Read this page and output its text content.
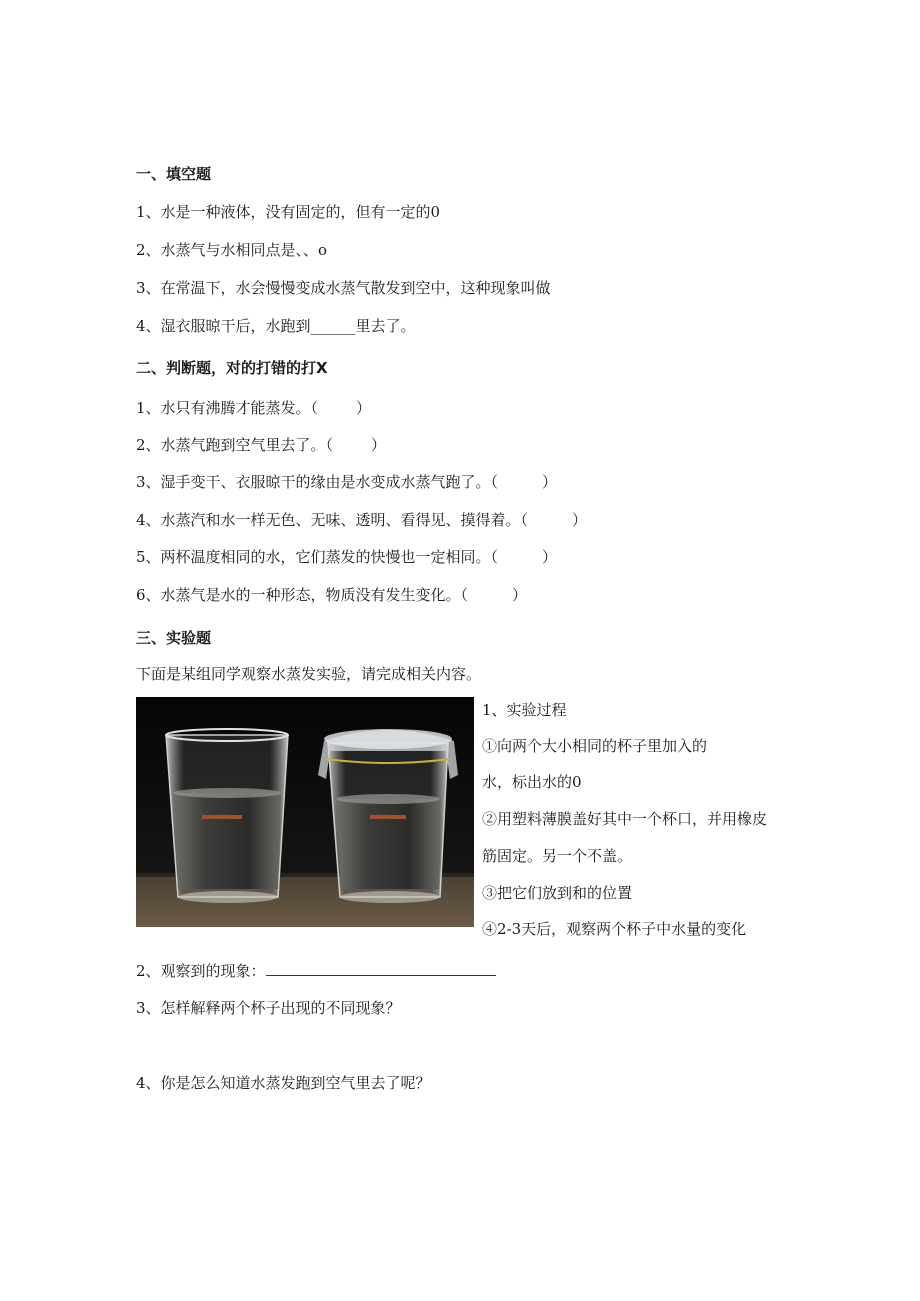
一、填空题
1、水是一种液体，没有固定的，但有一定的0
2、水蒸气与水相同点是、、o
3、在常温下，水会慢慢变成水蒸气散发到空中，这种现象叫做
4、湿衣服晾干后，水跑到______里去了。
二、判断题，对的打错的打X
1、水只有沸腾才能蒸发。（	）
2、水蒸气跑到空气里去了。（	）
3、湿手变干、衣服晾干的缘由是水变成水蒸气跑了。（	）
4、水蒸汽和水一样无色、无味、透明、看得见、摸得着。（	）
5、两杯温度相同的水，它们蒸发的快慢也一定相同。（	）
6、水蒸气是水的一种形态，物质没有发生变化。（	）
三、实验题
下面是某组同学观察水蒸发实验，请完成相关内容。
1、实验过程
①向两个大小相同的杯子里加入的
水，标出水的0
②用塑料薄膜盖好其中一个杯口，并用橡皮
筋固定。另一个不盖。
③把它们放到和的位置
④2-3天后，观察两个杯子中水量的变化
2、观察到的现象：
3、怎样解释两个杯子出现的不同现象？
4、你是怎么知道水蒸发跑到空气里去了呢？
